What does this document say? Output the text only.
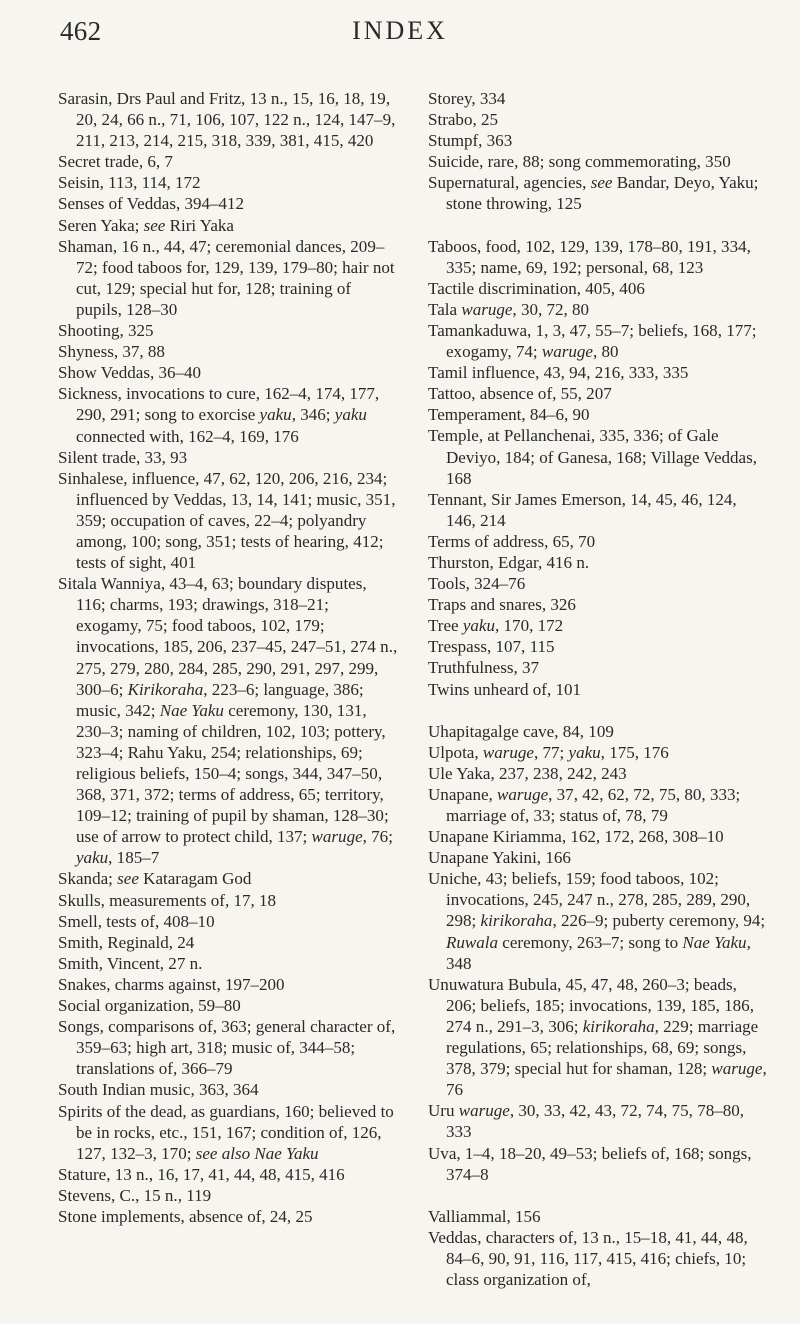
462	INDEX
Sarasin, Drs Paul and Fritz, 13 n., 15, 16, 18, 19, 20, 24, 66 n., 71, 106, 107, 122 n., 124, 147–9, 211, 213, 214, 215, 318, 339, 381, 415, 420
Secret trade, 6, 7
Seisin, 113, 114, 172
Senses of Veddas, 394–412
Seren Yaka; see Riri Yaka
Shaman, 16 n., 44, 47; ceremonial dances, 209–72; food taboos for, 129, 139, 179–80; hair not cut, 129; special hut for, 128; training of pupils, 128–30
Shooting, 325
Shyness, 37, 88
Show Veddas, 36–40
Sickness, invocations to cure, 162–4, 174, 177, 290, 291; song to exorcise yaku, 346; yaku connected with, 162–4, 169, 176
Silent trade, 33, 93
Sinhalese, influence, 47, 62, 120, 206, 216, 234; influenced by Veddas, 13, 14, 141; music, 351, 359; occupation of caves, 22–4; polyandry among, 100; song, 351; tests of hearing, 412; tests of sight, 401
Sitala Wanniya, 43–4, 63; boundary disputes, 116; charms, 193; drawings, 318–21; exogamy, 75; food taboos, 102, 179; invocations, 185, 206, 237–45, 247–51, 274 n., 275, 279, 280, 284, 285, 290, 291, 297, 299, 300–6; Kirikoraha, 223–6; language, 386; music, 342; Nae Yaku ceremony, 130, 131, 230–3; naming of children, 102, 103; pottery, 323–4; Rahu Yaku, 254; relationships, 69; religious beliefs, 150–4; songs, 344, 347–50, 368, 371, 372; terms of address, 65; territory, 109–12; training of pupil by shaman, 128–30; use of arrow to protect child, 137; waruge, 76; yaku, 185–7
Skanda; see Kataragam God
Skulls, measurements of, 17, 18
Smell, tests of, 408–10
Smith, Reginald, 24
Smith, Vincent, 27 n.
Snakes, charms against, 197–200
Social organization, 59–80
Songs, comparisons of, 363; general character of, 359–63; high art, 318; music of, 344–58; translations of, 366–79
South Indian music, 363, 364
Spirits of the dead, as guardians, 160; believed to be in rocks, etc., 151, 167; condition of, 126, 127, 132–3, 170; see also Nae Yaku
Stature, 13 n., 16, 17, 41, 44, 48, 415, 416
Stevens, C., 15 n., 119
Stone implements, absence of, 24, 25
Storey, 334
Strabo, 25
Stumpf, 363
Suicide, rare, 88; song commemorating, 350
Supernatural, agencies, see Bandar, Deyo, Yaku; stone throwing, 125
Taboos, food, 102, 129, 139, 178–80, 191, 334, 335; name, 69, 192; personal, 68, 123
Tactile discrimination, 405, 406
Tala waruge, 30, 72, 80
Tamankaduwa, 1, 3, 47, 55–7; beliefs, 168, 177; exogamy, 74; waruge, 80
Tamil influence, 43, 94, 216, 333, 335
Tattoo, absence of, 55, 207
Temperament, 84–6, 90
Temple, at Pellanchenai, 335, 336; of Gale Deviyo, 184; of Ganesa, 168; Village Veddas, 168
Tennant, Sir James Emerson, 14, 45, 46, 124, 146, 214
Terms of address, 65, 70
Thurston, Edgar, 416 n.
Tools, 324–76
Traps and snares, 326
Tree yaku, 170, 172
Trespass, 107, 115
Truthfulness, 37
Twins unheard of, 101
Uhapitagalge cave, 84, 109
Ulpota, waruge, 77; yaku, 175, 176
Ule Yaka, 237, 238, 242, 243
Unapane, waruge, 37, 42, 62, 72, 75, 80, 333; marriage of, 33; status of, 78, 79
Unapane Kiriamma, 162, 172, 268, 308–10
Unapane Yakini, 166
Uniche, 43; beliefs, 159; food taboos, 102; invocations, 245, 247 n., 278, 285, 289, 290, 298; kirikoraha, 226–9; puberty ceremony, 94; Ruwala ceremony, 263–7; song to Nae Yaku, 348
Unuwatura Bubula, 45, 47, 48, 260–3; beads, 206; beliefs, 185; invocations, 139, 185, 186, 274 n., 291–3, 306; kirikoraha, 229; marriage regulations, 65; relationships, 68, 69; songs, 378, 379; special hut for shaman, 128; waruge, 76
Uru waruge, 30, 33, 42, 43, 72, 74, 75, 78–80, 333
Uva, 1–4, 18–20, 49–53; beliefs of, 168; songs, 374–8
Valliammal, 156
Veddas, characters of, 13 n., 15–18, 41, 44, 48, 84–6, 90, 91, 116, 117, 415, 416; chiefs, 10; class organization of,
